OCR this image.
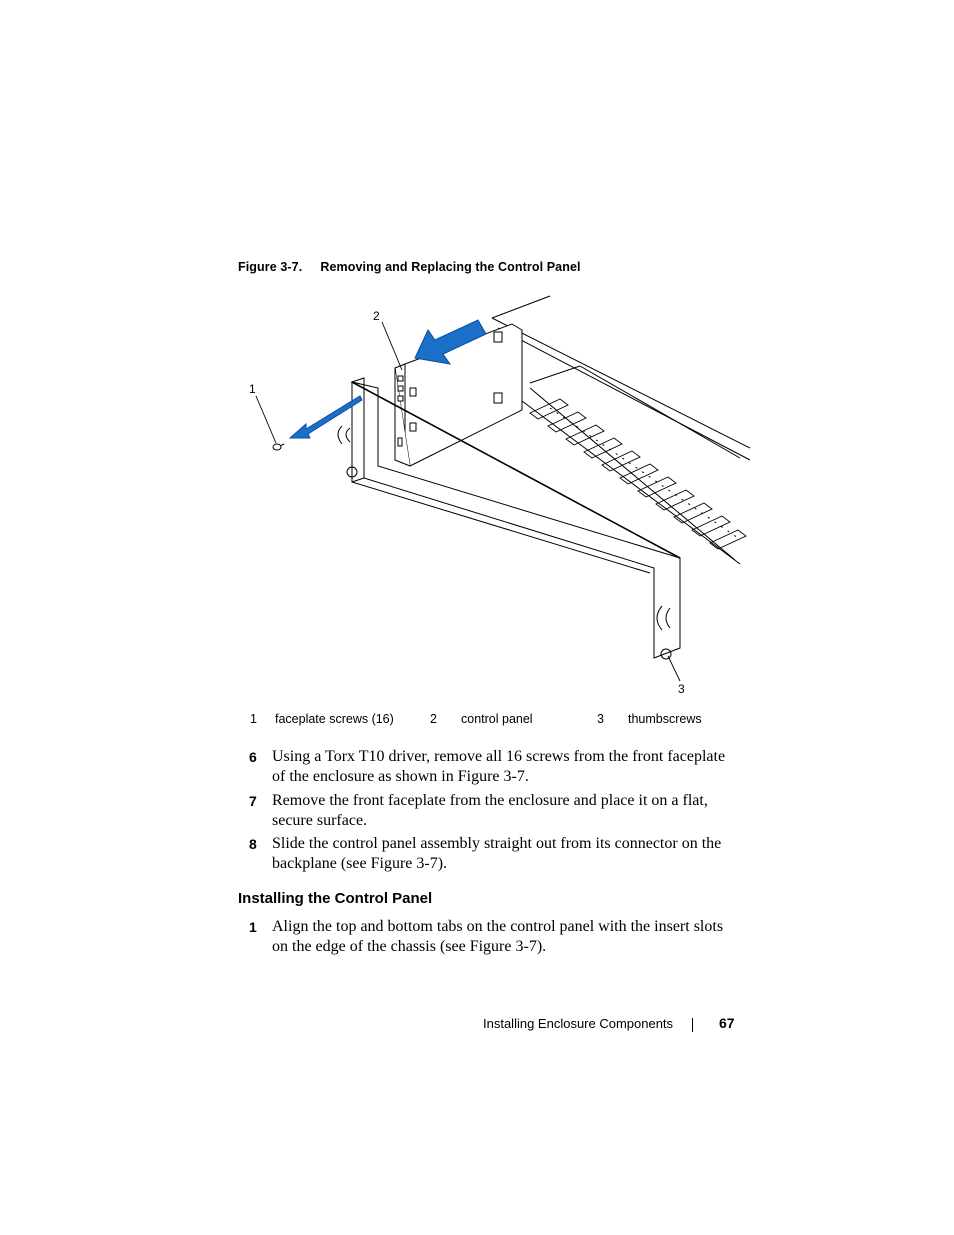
Figure 3-7. Removing and Replacing the Control Panel
1
2
3
1 faceplate screws (16)	2 control panel	3 thumbscrews
6 Using a Torx T10 driver, remove all 16 screws from the front faceplate of the enclosure as shown in Figure 3-7.
7 Remove the front faceplate from the enclosure and place it on a flat, secure surface.
8 Slide the control panel assembly straight out from its connector on the backplane (see Figure 3-7).
Installing the Control Panel
1 Align the top and bottom tabs on the control panel with the insert slots on the edge of the chassis (see Figure 3-7).
Installing Enclosure Components	67
